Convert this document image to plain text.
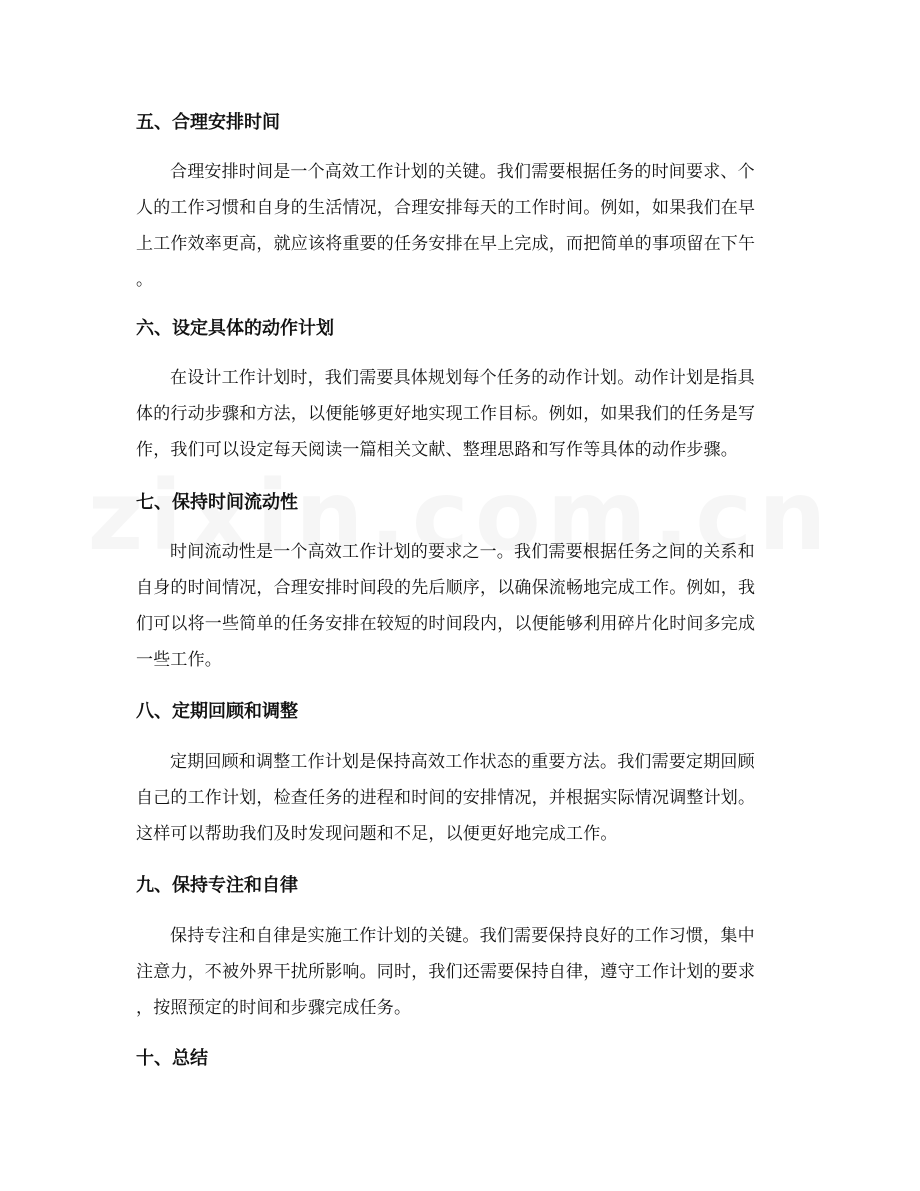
五、合理安排时间
合理安排时间是一个高效工作计划的关键。我们需要根据任务的时间要求、个
人的工作习惯和自身的生活情况，合理安排每天的工作时间。例如，如果我们在早
上工作效率更高，就应该将重要的任务安排在早上完成，而把简单的事项留在下午
。
六、设定具体的动作计划
在设计工作计划时，我们需要具体规划每个任务的动作计划。动作计划是指具
体的行动步骤和方法，以便能够更好地实现工作目标。例如，如果我们的任务是写
作，我们可以设定每天阅读一篇相关文献、整理思路和写作等具体的动作步骤。
七、保持时间流动性
时间流动性是一个高效工作计划的要求之一。我们需要根据任务之间的关系和
自身的时间情况，合理安排时间段的先后顺序，以确保流畅地完成工作。例如，我
们可以将一些简单的任务安排在较短的时间段内，以便能够利用碎片化时间多完成
一些工作。
八、定期回顾和调整
定期回顾和调整工作计划是保持高效工作状态的重要方法。我们需要定期回顾
自己的工作计划，检查任务的进程和时间的安排情况，并根据实际情况调整计划。
这样可以帮助我们及时发现问题和不足，以便更好地完成工作。
九、保持专注和自律
保持专注和自律是实施工作计划的关键。我们需要保持良好的工作习惯，集中
注意力，不被外界干扰所影响。同时，我们还需要保持自律，遵守工作计划的要求
，按照预定的时间和步骤完成任务。
十、总结
